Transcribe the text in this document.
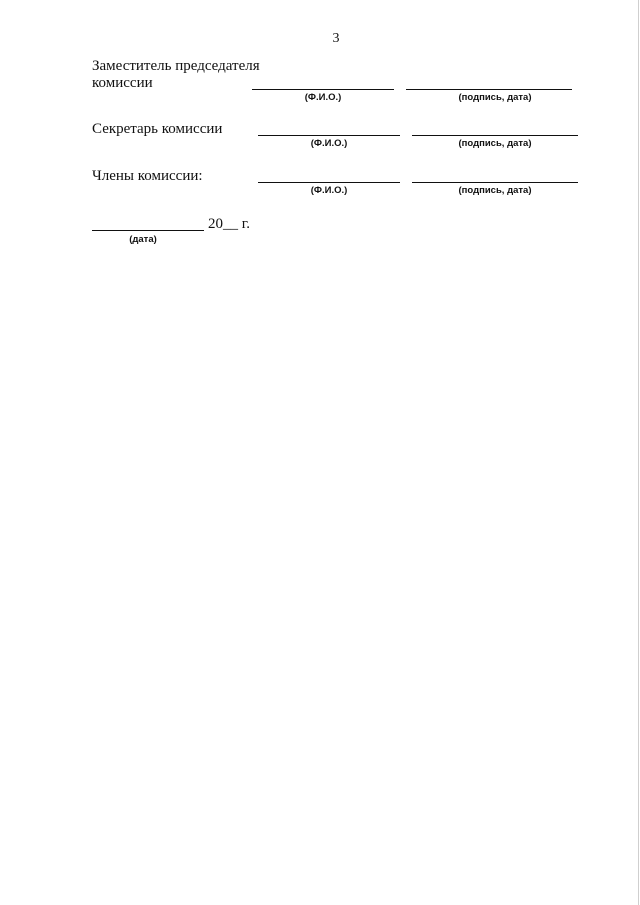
3
Заместитель председателя
комиссии
(Ф.И.О.)	(подпись, дата)
Секретарь комиссии
(Ф.И.О.)	(подпись, дата)
Члены комиссии:
(Ф.И.О.)	(подпись, дата)
20__ г.
(дата)
